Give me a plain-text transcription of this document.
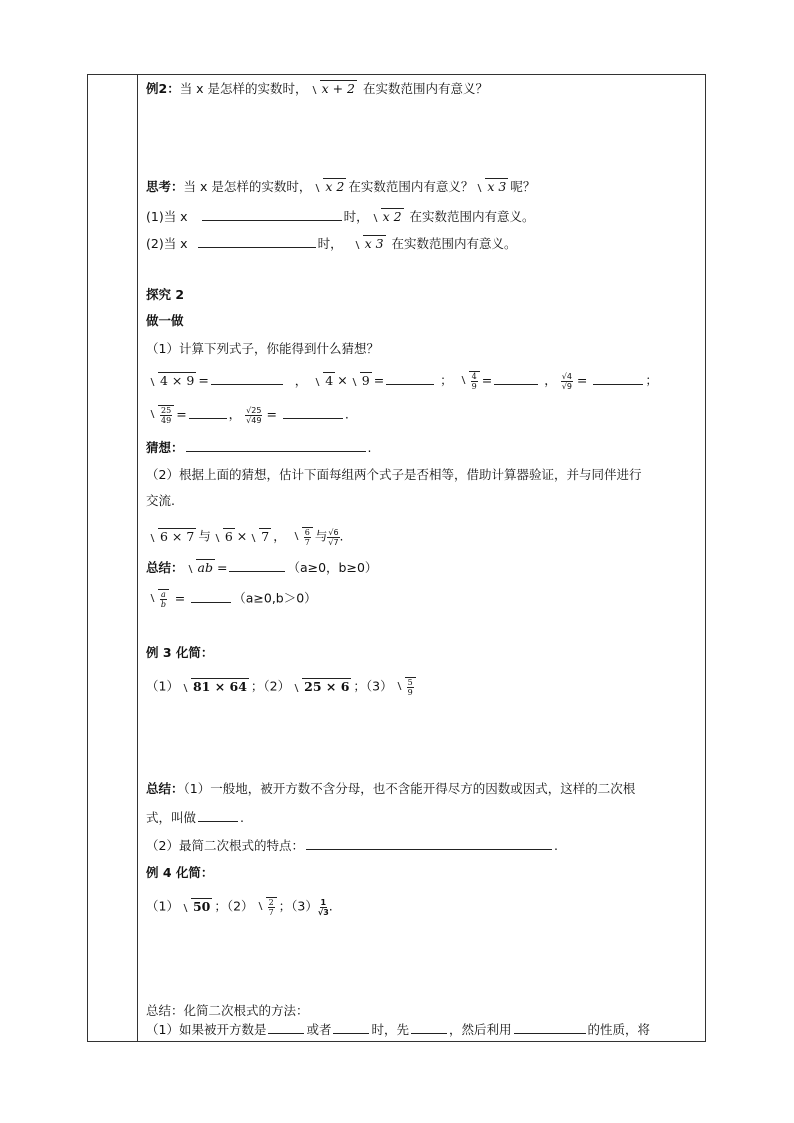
例2：当 x 是怎样的实数时， x + 2 在实数范围内有意义？
思考：当 x 是怎样的实数时， x 2 在实数范围内有意义？ x 3 呢？
(1)当 x	时， x 2 在实数范围内有意义。
(2)当 x	时， x 3 在实数范围内有意义。
探究 2
做一做
（1）计算下列式子，你能得到什么猜想？
4 × 9 =	， 4 × 9 =	； $\frac{4}{9}$ =	， $\frac{√4}{√9}$ =	；
$\frac{25}{49}$ =	， $\frac{√25}{√49}$ =	.
猜想：	.
（2）根据上面的猜想，估计下面每组两个式子是否相等，借助计算器验证，并与同伴进行
交流.
6 × 7 与 6 × 7 ， $\frac{6}{7}$ 与 $\frac{√6}{√7}$ .
总结： ab =	（a≥0，b≥0）
$\frac{a}{b}$ =	（a≥0,b＞0）
例 3 化简：
（1） 81 × 64 ；（2） 25 × 6 ；$(3) \frac{5}{9}$
总结：（1）一般地，被开方数不含分母，也不含能开得尽方的因数或因式，这样的二次根
式，叫做	.
（2）最简二次根式的特点：	.
例 4 化简：
（1） 50 ；$(2) \frac{2}{7}$ ；$(3) \frac{1}{√3}$ .
总结：化简二次根式的方法：
（1）如果被开方数是	或者	时，先	，然后利用	的性质，将
